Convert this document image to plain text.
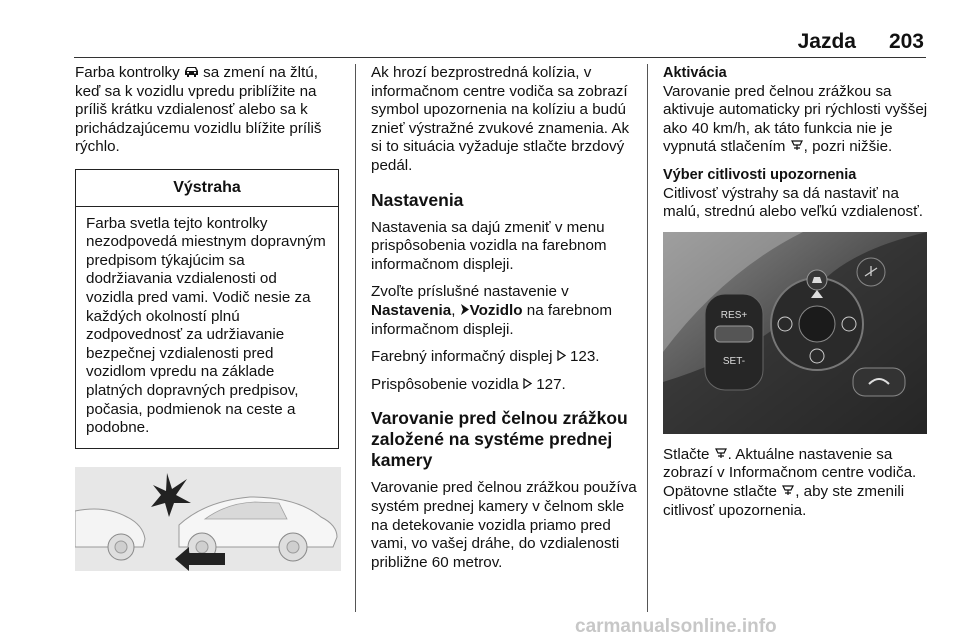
Jazda 203

Farba kontrolky  sa zmení na žltú, keď sa k vozidlu vpredu priblížite na príliš krátku vzdialenosť alebo sa k prichádzajúcemu vozidlu blížite príliš rýchlo.

Výstraha
Farba svetla tejto kontrolky nezodpovedá miestnym dopravným predpisom týkajúcim sa dodržiavania vzdialenosti od vozidla pred vami. Vodič nesie za každých okolností plnú zodpovednosť za udržiavanie bezpečnej vzdialenosti pred vozidlom vpredu na základe platných dopravných predpisov, počasia, podmienok na ceste a podobne.

Ak hrozí bezprostredná kolízia, v informačnom centre vodiča sa zobrazí symbol upozornenia na kolíziu a budú znieť výstražné zvukové znamenia. Ak si to situácia vyžaduje stlačte brzdový pedál.

Nastavenia

Nastavenia sa dajú zmeniť v menu prispôsobenia vozidla na farebnom informačnom displeji.

Zvoľte príslušné nastavenie v Nastavenia, Vozidlo na farebnom informačnom displeji.

Farebný informačný displej  123.

Prispôsobenie vozidla  127.

Varovanie pred čelnou zrážkou založené na systéme prednej kamery

Varovanie pred čelnou zrážkou používa systém prednej kamery v čelnom skle na detekovanie vozidla priamo pred vami, vo vašej dráhe, do vzdialenosti približne 60 metrov.

Aktivácia

Varovanie pred čelnou zrážkou sa aktivuje automaticky pri rýchlosti vyššej ako 40 km/h, ak táto funkcia nie je vypnutá stlačením , pozri nižšie.

Výber citlivosti upozornenia

Citlivosť výstrahy sa dá nastaviť na malú, strednú alebo veľkú vzdialenosť.

RES+
SET-

Stlačte . Aktuálne nastavenie sa zobrazí v Informačnom centre vodiča. Opätovne stlačte , aby ste zmenili citlivosť upozornenia.

carmanualsonline.info
